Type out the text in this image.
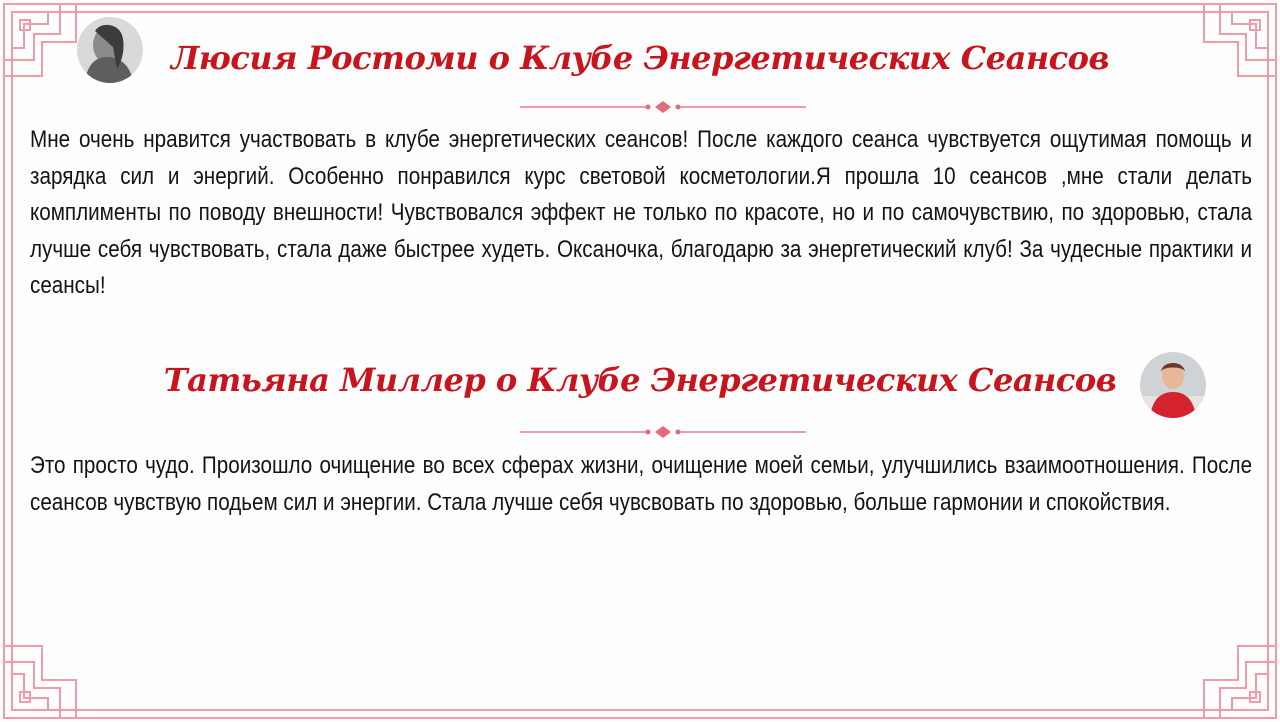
Люсия Ростоми о Клубе Энергетических Сеансов

Мне очень нравится участвовать в клубе энергетических сеансов! После каждого сеанса чувствуется ощутимая помощь и зарядка сил и энергий. Особенно понравился курс световой косметологии.Я прошла 10 сеансов ,мне стали делать комплименты по поводу внешности! Чувствовался эффект не только по красоте, но и по самочувствию, по здоровью, стала лучше себя чувствовать, стала даже быстрее худеть. Оксаночка, благодарю за энергетический клуб! За чудесные практики и сеансы!

Татьяна Миллер о Клубе Энергетических Сеансов

Это просто чудо. Произошло очищение во всех сферах жизни, очищение моей семьи, улучшились взаимоотношения. После сеансов чувствую подьем сил и энергии. Стала лучше себя чувсвовать по здоровью, больше гармонии и спокойствия.
